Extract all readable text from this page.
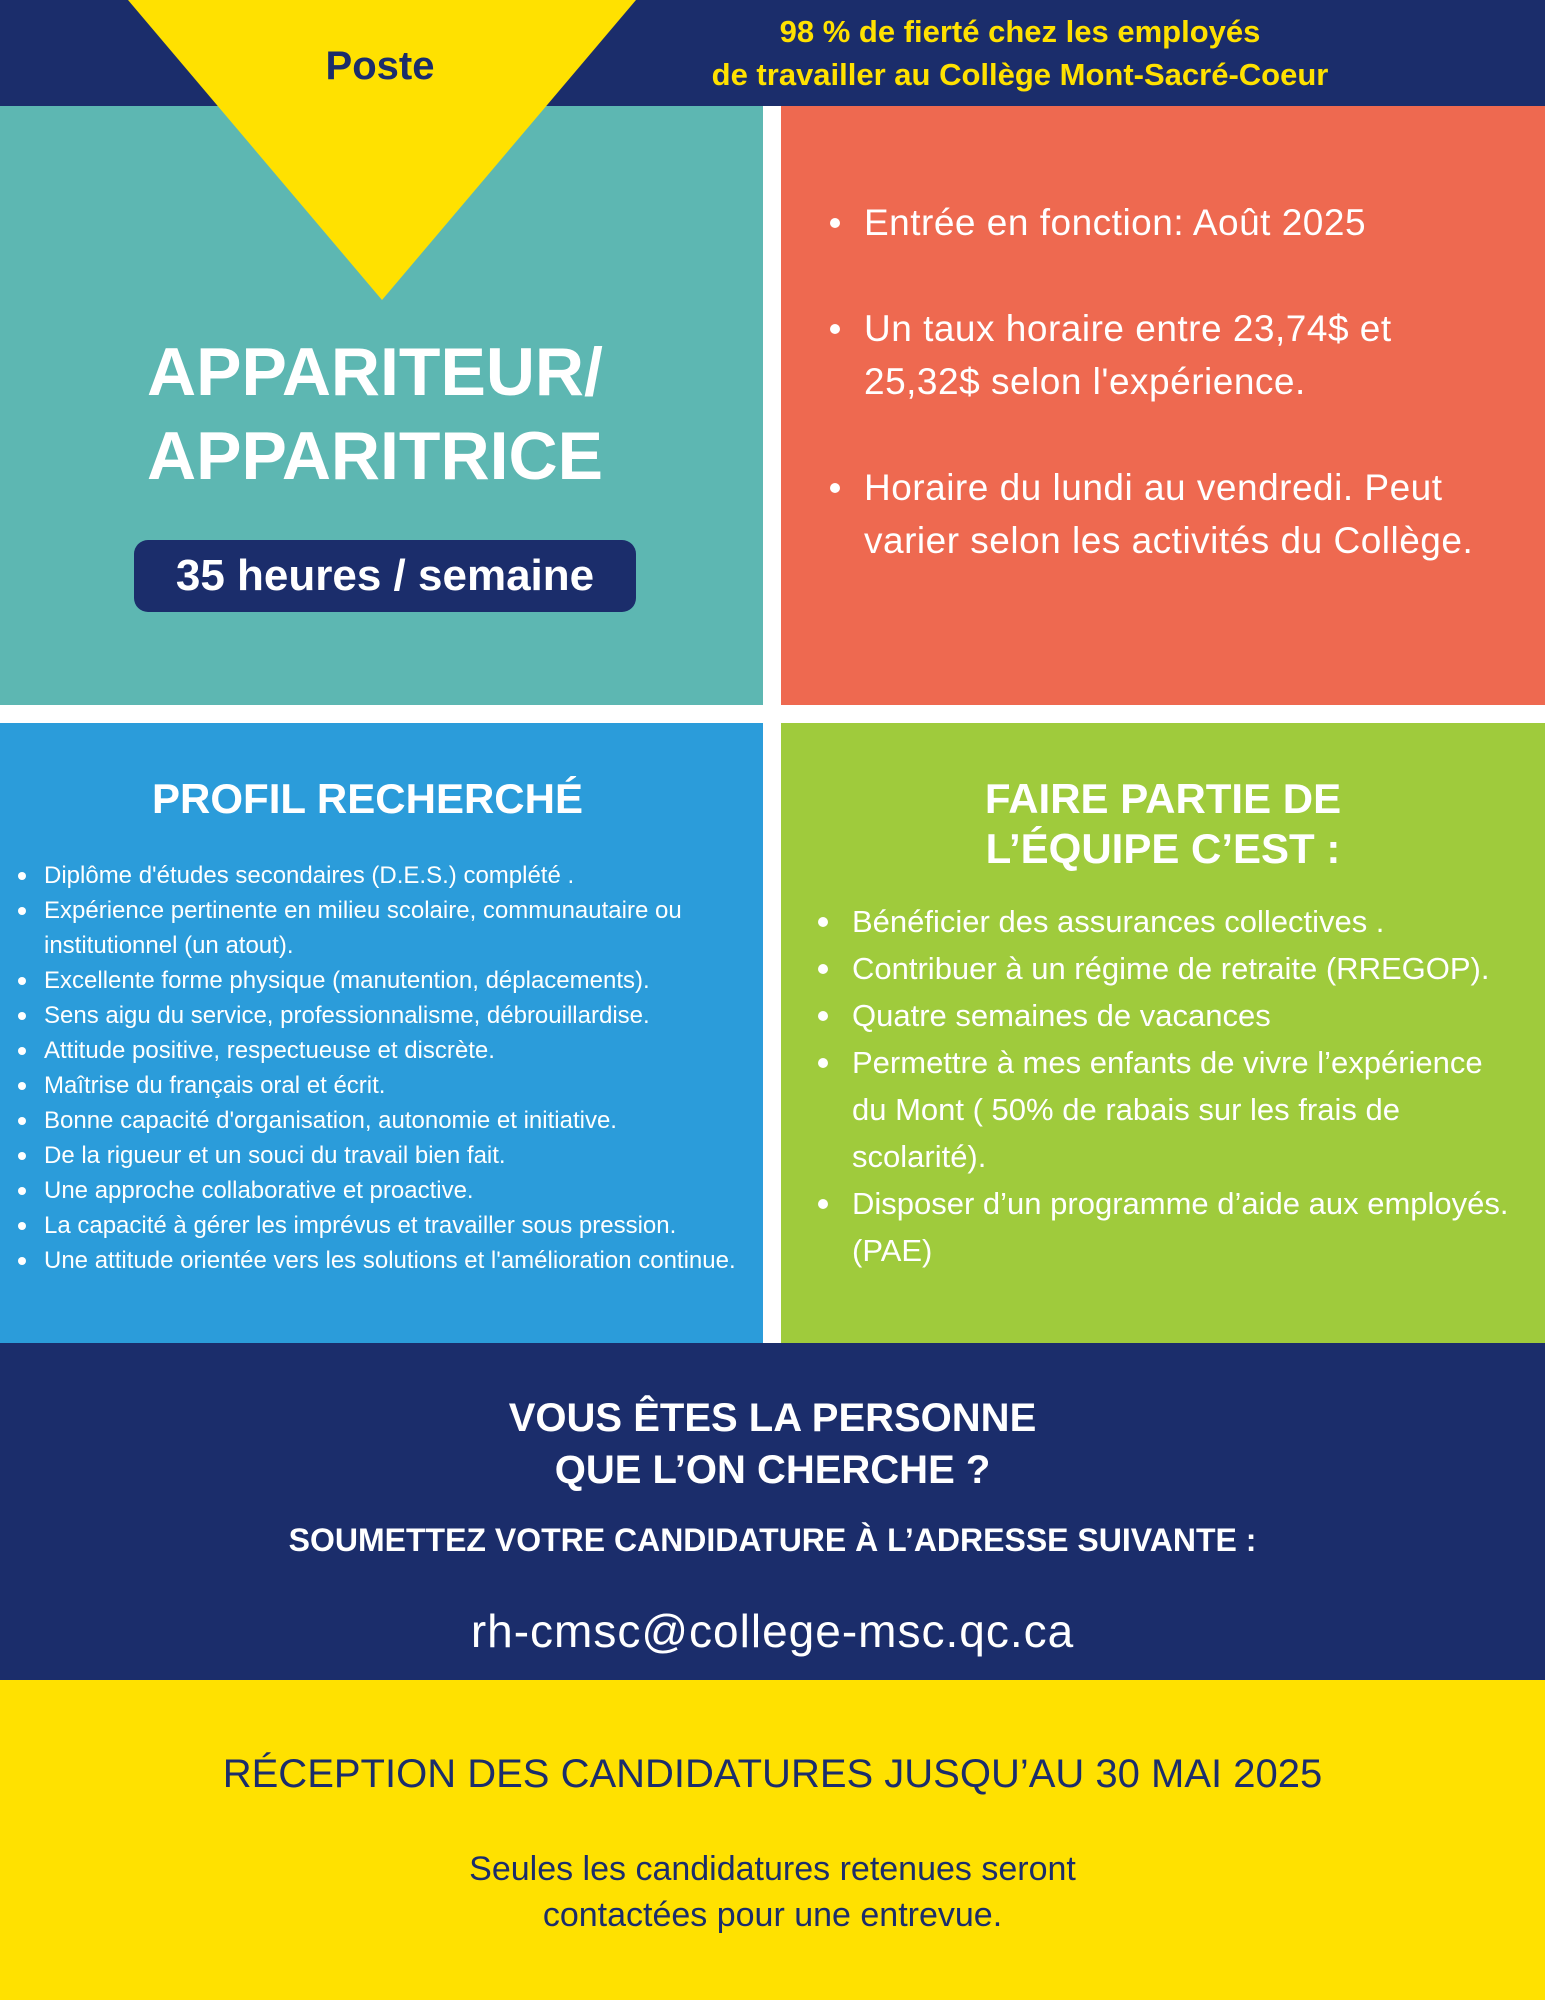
98 % de fierté chez les employés
de travailler au Collège Mont-Sacré-Coeur
Poste
APPARITEUR/
APPARITRICE
35 heures / semaine
Entrée en fonction: Août 2025
Un taux horaire entre 23,74$ et 25,32$ selon l'expérience.
Horaire du lundi au vendredi. Peut varier selon les activités du Collège.
PROFIL RECHERCHÉ
Diplôme d'études secondaires (D.E.S.) complété .
Expérience pertinente en milieu scolaire, communautaire ou institutionnel (un atout).
Excellente forme physique (manutention, déplacements).
Sens aigu du service, professionnalisme, débrouillardise.
Attitude positive, respectueuse et discrète.
Maîtrise du français oral et écrit.
Bonne capacité d'organisation, autonomie et initiative.
De la rigueur et un souci du travail bien fait.
Une approche collaborative et proactive.
La capacité à gérer les imprévus et travailler sous pression.
Une attitude orientée vers les solutions et l'amélioration continue.
FAIRE PARTIE DE
L’ÉQUIPE C’EST :
Bénéficier des assurances collectives .
Contribuer à un régime de retraite (RREGOP).
Quatre semaines de vacances
Permettre à mes enfants de vivre l’expérience du Mont ( 50% de rabais sur les frais de scolarité).
Disposer d’un programme d’aide aux employés. (PAE)
VOUS ÊTES LA PERSONNE
QUE L’ON CHERCHE ?
SOUMETTEZ VOTRE CANDIDATURE À L’ADRESSE SUIVANTE :
rh-cmsc@college-msc.qc.ca
RÉCEPTION DES CANDIDATURES JUSQU’AU 30 MAI 2025
Seules les candidatures retenues seront
contactées pour une entrevue.
